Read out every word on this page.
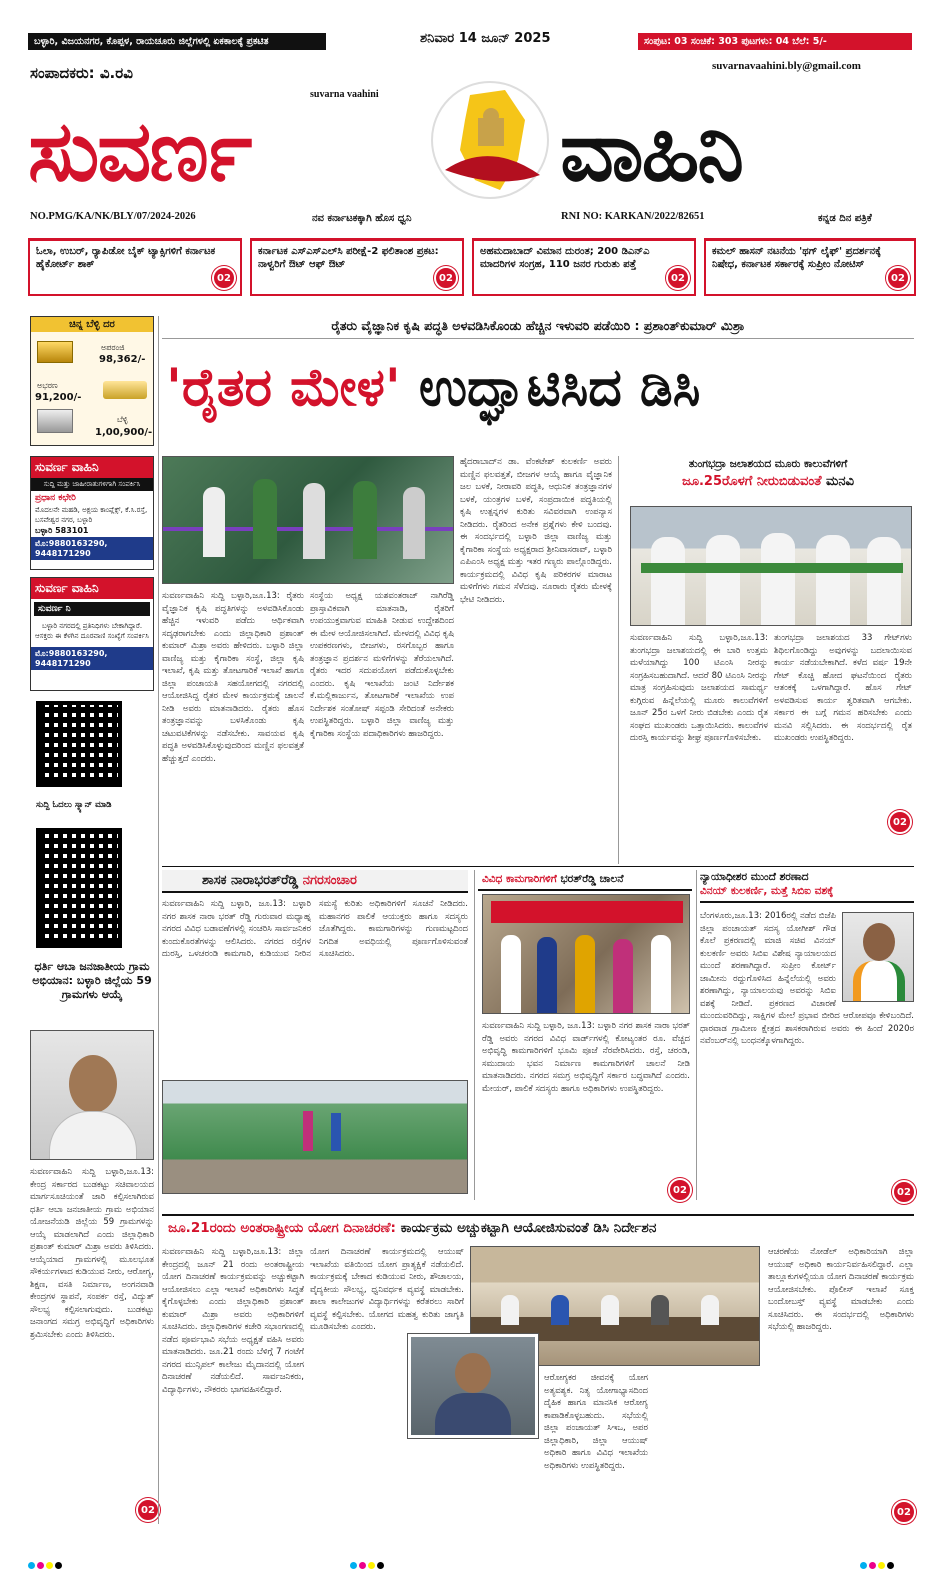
ಬಳ್ಳಾರಿ, ವಿಜಯನಗರ, ಕೊಪ್ಪಳ, ರಾಯಚೂರು ಜಿಲ್ಲೆಗಳಲ್ಲಿ ಏಕಕಾಲಕ್ಕೆ ಪ್ರಕಟಿತ	ಶನಿವಾರ 14 ಜೂನ್ 2025	ಸಂಪುಟ: 03 ಸಂಚಿಕೆ: 303 ಪುಟಗಳು: 04 ಬೆಲೆ: 5/-
ಸಂಪಾದಕರು: ವಿ.ರವಿ	suvarnavaahini.bly@gmail.com
suvarna vaahini
ಸುವರ್ಣ	ವಾಹಿನಿ
NO.PMG/KA/NK/BLY/07/2024-2026	ನವ ಕರ್ನಾಟಕಕ್ಕಾಗಿ ಹೊಸ ಧ್ವನಿ	RNI NO: KARKAN/2022/82651	ಕನ್ನಡ ದಿನ ಪತ್ರಿಕೆ
ಓಲಾ, ಉಬರ್, ರ್‍ಯಾಪಿಡೋ ಬೈಕ್ ಟ್ಯಾಕ್ಸಿಗಳಿಗೆ ಕರ್ನಾಟಕ ಹೈಕೋರ್ಟ್ ಶಾಕ್
02
ಕರ್ನಾಟಕ ಎಸ್‌ಎಸ್‌ಎಲ್‌ಸಿ ಪರೀಕ್ಷೆ-2 ಫಲಿತಾಂಶ ಪ್ರಕಟ: ನಾಳ್ವರಿಗೆ ಔಟ್ ಆಫ್ ಔಟ್
02
ಅಹಮದಾಬಾದ್ ವಿಮಾನ ದುರಂತ; 200 ಡಿಎನ್‌ಎ ಮಾದರಿಗಳ ಸಂಗ್ರಹ, 110 ಜನರ ಗುರುತು ಪತ್ತೆ
02
ಕಮಲ್ ಹಾಸನ್ ನಟನೆಯ 'ಥಗ್ ಲೈಫ್' ಪ್ರದರ್ಶನಕ್ಕೆ ನಿಷೇಧ, ಕರ್ನಾಟಕ ಸರ್ಕಾರಕ್ಕೆ ಸುಪ್ರೀಂ ನೋಟಿಸ್
02
ಚಿನ್ನ ಬೆಳ್ಳಿ ದರ
ಅಪರಂಜಿ
98,362/-
ಅಭರಣ
91,200/-
ಬೆಳ್ಳಿ
1,00,900/-
ಸುವರ್ಣ ವಾಹಿನಿ
ಸುದ್ದಿ ಮತ್ತು ಜಾಹೀರಾತುಗಳಿಗಾಗಿ ಸಂಪರ್ಕಿಸಿ
ಪ್ರಧಾನ ಕಛೇರಿ
ಮೊದಲನೇ ಮಹಡಿ, ಅಕ್ಷಯ ಕಾಂಪ್ಲೆಕ್ಸ್, ಕೆ.ಸಿ.ರಸ್ತೆ, ಬಸವೇಶ್ವರ ನಗರ, ಬಳ್ಳಾರಿ
ಬಳ್ಳಾರಿ 583101
ಮೊ:9880163290, 9448171290
ಸುವರ್ಣ ವಾಹಿನಿ
ಸುವರ್ಣ ನಿ
ಬಳ್ಳಾರಿ ನಗರದಲ್ಲಿ ಪ್ರತಿನಿಧಿಗಳು ಬೇಕಾಗಿದ್ದಾರೆ. ಆಸಕ್ತರು ಈ ಕೆಳಗಿನ ದೂರವಾಣಿ ಸಂಖ್ಯೆಗೆ ಸಂಪರ್ಕಿಸಿ
ಮೊ:9880163290, 9448171290
ಸುದ್ದಿ ಓದಲು ಸ್ಕ್ಯಾನ್ ಮಾಡಿ
ಧರ್ತಿ ಆಬಾ ಜನಜಾತೀಯ ಗ್ರಾಮ ಅಭಿಯಾನ: ಬಳ್ಳಾರಿ ಜಿಲ್ಲೆಯ 59 ಗ್ರಾಮಗಳು ಆಯ್ಕೆ
ಸುವರ್ಣವಾಹಿನಿ ಸುದ್ದಿ ಬಳ್ಳಾರಿ,ಜೂ.13: ಕೇಂದ್ರ ಸರ್ಕಾರದ ಬುಡಕಟ್ಟು ಸಚಿವಾಲಯದ ಮಾರ್ಗಸೂಚಿಯಂತೆ ಜಾರಿ ಕಲ್ಪಿಸಲಾಗಿರುವ ಧರ್ತಿ ಆಬಾ ಜನಜಾತೀಯ ಗ್ರಾಮ ಅಭಿಯಾನ ಯೋಜನೆಯಡಿ ಜಿಲ್ಲೆಯ 59 ಗ್ರಾಮಗಳನ್ನು ಆಯ್ಕೆ ಮಾಡಲಾಗಿದೆ ಎಂದು ಜಿಲ್ಲಾಧಿಕಾರಿ ಪ್ರಶಾಂತ್ ಕುಮಾರ್ ಮಿಶ್ರಾ ಅವರು ತಿಳಿಸಿದರು. ಆಯ್ಕೆಯಾದ ಗ್ರಾಮಗಳಲ್ಲಿ ಮೂಲಭೂತ ಸೌಕರ್ಯಗಳಾದ ಕುಡಿಯುವ ನೀರು, ಆರೋಗ್ಯ, ಶಿಕ್ಷಣ, ವಸತಿ ನಿರ್ಮಾಣ, ಅಂಗನವಾಡಿ ಕೇಂದ್ರಗಳ ಸ್ಥಾಪನೆ, ಸಂಪರ್ಕ ರಸ್ತೆ, ವಿದ್ಯುತ್ ಸೌಲಭ್ಯ ಕಲ್ಪಿಸಲಾಗುವುದು. ಬುಡಕಟ್ಟು ಜನಾಂಗದ ಸಮಗ್ರ ಅಭಿವೃದ್ಧಿಗೆ ಅಧಿಕಾರಿಗಳು ಶ್ರಮಿಸಬೇಕು ಎಂದು ತಿಳಿಸಿದರು.
02
ರೈತರು ವೈಜ್ಞಾನಿಕ ಕೃಷಿ ಪದ್ಧತಿ ಅಳವಡಿಸಿಕೊಂಡು ಹೆಚ್ಚಿನ ಇಳುವರಿ ಪಡೆಯಿರಿ : ಪ್ರಶಾಂತ್‌ಕುಮಾರ್ ಮಿಶ್ರಾ
'ರೈತರ ಮೇಳ' ಉದ್ಘಾಟಿಸಿದ ಡಿಸಿ
ಸುವರ್ಣವಾಹಿನಿ ಸುದ್ದಿ ಬಳ್ಳಾರಿ,ಜೂ.13: ರೈತರು ವೈಜ್ಞಾನಿಕ ಕೃಷಿ ಪದ್ಧತಿಗಳನ್ನು ಅಳವಡಿಸಿಕೊಂಡು ಹೆಚ್ಚಿನ ಇಳುವರಿ ಪಡೆದು ಆರ್ಥಿಕವಾಗಿ ಸದೃಢರಾಗಬೇಕು ಎಂದು ಜಿಲ್ಲಾಧಿಕಾರಿ ಪ್ರಶಾಂತ್ ಕುಮಾರ್ ಮಿಶ್ರಾ ಅವರು ಹೇಳಿದರು. ಬಳ್ಳಾರಿ ಜಿಲ್ಲಾ ವಾಣಿಜ್ಯ ಮತ್ತು ಕೈಗಾರಿಕಾ ಸಂಸ್ಥೆ, ಜಿಲ್ಲಾ ಕೃಷಿ ಇಲಾಖೆ, ಕೃಷಿ ಮತ್ತು ತೋಟಗಾರಿಕೆ ಇಲಾಖೆ ಹಾಗೂ ಜಿಲ್ಲಾ ಪಂಚಾಯತಿ ಸಹಯೋಗದಲ್ಲಿ ನಗರದಲ್ಲಿ ಆಯೋಜಿಸಿದ್ದ ರೈತರ ಮೇಳ ಕಾರ್ಯಕ್ರಮಕ್ಕೆ ಚಾಲನೆ ನೀಡಿ ಅವರು ಮಾತನಾಡಿದರು. ರೈತರು ಹೊಸ ತಂತ್ರಜ್ಞಾನವನ್ನು ಬಳಸಿಕೊಂಡು ಕೃಷಿ ಚಟುವಟಿಕೆಗಳನ್ನು ನಡೆಸಬೇಕು. ಸಾವಯವ ಕೃಷಿ ಪದ್ಧತಿ ಅಳವಡಿಸಿಕೊಳ್ಳುವುದರಿಂದ ಮಣ್ಣಿನ ಫಲವತ್ತತೆ ಹೆಚ್ಚುತ್ತದೆ ಎಂದರು.
ಸಂಸ್ಥೆಯ ಅಧ್ಯಕ್ಷ ಯಶವಂತರಾಜ್ ನಾಗಿರೆಡ್ಡಿ ಪ್ರಾಸ್ತಾವಿಕವಾಗಿ ಮಾತನಾಡಿ, ರೈತರಿಗೆ ಉಪಯುಕ್ತವಾಗುವ ಮಾಹಿತಿ ನೀಡುವ ಉದ್ದೇಶದಿಂದ ಈ ಮೇಳ ಆಯೋಜಿಸಲಾಗಿದೆ. ಮೇಳದಲ್ಲಿ ವಿವಿಧ ಕೃಷಿ ಉಪಕರಣಗಳು, ಬೀಜಗಳು, ರಸಗೊಬ್ಬರ ಹಾಗೂ ತಂತ್ರಜ್ಞಾನ ಪ್ರದರ್ಶನ ಮಳಿಗೆಗಳನ್ನು ತೆರೆಯಲಾಗಿದೆ. ರೈತರು ಇದರ ಸದುಪಯೋಗ ಪಡೆದುಕೊಳ್ಳಬೇಕು ಎಂದರು. ಕೃಷಿ ಇಲಾಖೆಯ ಜಂಟಿ ನಿರ್ದೇಶಕ ಕೆ.ಮಲ್ಲಿಕಾರ್ಜುನ, ತೋಟಗಾರಿಕೆ ಇಲಾಖೆಯ ಉಪ ನಿರ್ದೇಶಕ ಸಂತೋಷ್ ಸಪ್ಪಂಡಿ ಸೇರಿದಂತೆ ಅನೇಕರು ಉಪಸ್ಥಿತರಿದ್ದರು. ಬಳ್ಳಾರಿ ಜಿಲ್ಲಾ ವಾಣಿಜ್ಯ ಮತ್ತು ಕೈಗಾರಿಕಾ ಸಂಸ್ಥೆಯ ಪದಾಧಿಕಾರಿಗಳು ಹಾಜರಿದ್ದರು.
ಹೈದರಾಬಾದ್‌ನ ಡಾ. ವೆಂಕಟೇಶ್ ಕುಲಕರ್ಣಿ ಅವರು ಮಣ್ಣಿನ ಫಲವತ್ತತೆ, ಬೀಜಗಳ ಆಯ್ಕೆ ಹಾಗೂ ವೈಜ್ಞಾನಿಕ ಜಲ ಬಳಕೆ, ನೀರಾವರಿ ಪದ್ಧತಿ, ಆಧುನಿಕ ತಂತ್ರಜ್ಞಾನಗಳ ಬಳಕೆ, ಯಂತ್ರಗಳ ಬಳಕೆ, ಸಂಪ್ರದಾಯಿಕ ಪದ್ಧತಿಯಲ್ಲಿ ಕೃಷಿ ಉತ್ಪನ್ನಗಳ ಕುರಿತು ಸವಿವರವಾಗಿ ಉಪನ್ಯಾಸ ನೀಡಿದರು. ರೈತರಿಂದ ಅನೇಕ ಪ್ರಶ್ನೆಗಳು ಕೇಳಿ ಬಂದವು. ಈ ಸಂದರ್ಭದಲ್ಲಿ ಬಳ್ಳಾರಿ ಜಿಲ್ಲಾ ವಾಣಿಜ್ಯ ಮತ್ತು ಕೈಗಾರಿಕಾ ಸಂಸ್ಥೆಯ ಅಧ್ಯಕ್ಷರಾದ ಶ್ರೀನಿವಾಸರಾವ್, ಬಳ್ಳಾರಿ ಎಪಿಎಂಸಿ ಅಧ್ಯಕ್ಷ ಮತ್ತು ಇತರ ಗಣ್ಯರು ಪಾಲ್ಗೊಂಡಿದ್ದರು. ಕಾರ್ಯಕ್ರಮದಲ್ಲಿ ವಿವಿಧ ಕೃಷಿ ಪರಿಕರಗಳ ಮಾರಾಟ ಮಳಿಗೆಗಳು ಗಮನ ಸೆಳೆದವು. ನೂರಾರು ರೈತರು ಮೇಳಕ್ಕೆ ಭೇಟಿ ನೀಡಿದರು.
ತುಂಗಭದ್ರಾ ಜಲಾಶಯದ ಮೂರು ಕಾಲುವೆಗಳಿಗೆ
ಜೂ.25ರೊಳಗೆ ನೀರುಬಿಡುವಂತೆ ಮನವಿ
ಸುವರ್ಣವಾಹಿನಿ ಸುದ್ದಿ ಬಳ್ಳಾರಿ,ಜೂ.13: ತುಂಗಭದ್ರಾ ಜಲಾಶಯದಲ್ಲಿ ಈ ಬಾರಿ ಉತ್ತಮ ಮಳೆಯಾಗಿದ್ದು 100 ಟಿಎಂಸಿ ನೀರನ್ನು ಸಂಗ್ರಹಿಸಬಹುದಾಗಿದೆ. ಆದರೆ 80 ಟಿಎಂಸಿ ನೀರನ್ನು ಮಾತ್ರ ಸಂಗ್ರಹಿಸುವುದು ಜಲಾಶಯದ ಸಾಮರ್ಥ್ಯ ಕುಗ್ಗಿರುವ ಹಿನ್ನೆಲೆಯಲ್ಲಿ ಮೂರು ಕಾಲುವೆಗಳಿಗೆ ಜೂನ್ 25ರ ಒಳಗೆ ನೀರು ಬಿಡಬೇಕು ಎಂದು ರೈತ ಸಂಘದ ಮುಖಂಡರು ಒತ್ತಾಯಿಸಿದರು. ಕಾಲುವೆಗಳ ದುರಸ್ತಿ ಕಾರ್ಯವನ್ನು ಶೀಘ್ರ ಪೂರ್ಣಗೊಳಿಸಬೇಕು.
ತುಂಗಭದ್ರಾ ಜಲಾಶಯದ 33 ಗೇಟ್‌ಗಳು ಶಿಥಿಲಗೊಂಡಿದ್ದು ಅವುಗಳನ್ನು ಬದಲಾಯಿಸುವ ಕಾರ್ಯ ನಡೆಯಬೇಕಾಗಿದೆ. ಕಳೆದ ವರ್ಷ 19ನೇ ಗೇಟ್ ಕೊಚ್ಚಿ ಹೋದ ಘಟನೆಯಿಂದ ರೈತರು ಆತಂಕಕ್ಕೆ ಒಳಗಾಗಿದ್ದಾರೆ. ಹೊಸ ಗೇಟ್ ಅಳವಡಿಸುವ ಕಾರ್ಯ ತ್ವರಿತವಾಗಿ ಆಗಬೇಕು. ಸರ್ಕಾರ ಈ ಬಗ್ಗೆ ಗಮನ ಹರಿಸಬೇಕು ಎಂದು ಮನವಿ ಸಲ್ಲಿಸಿದರು. ಈ ಸಂದರ್ಭದಲ್ಲಿ ರೈತ ಮುಖಂಡರು ಉಪಸ್ಥಿತರಿದ್ದರು.
02
ಶಾಸಕ ನಾರಾಭರತ್‌ರೆಡ್ಡಿ ನಗರಸಂಚಾರ
ಸುವರ್ಣವಾಹಿನಿ ಸುದ್ದಿ ಬಳ್ಳಾರಿ, ಜೂ.13: ಬಳ್ಳಾರಿ ನಗರ ಶಾಸಕ ನಾರಾ ಭರತ್ ರೆಡ್ಡಿ ಗುರುವಾರ ಮಧ್ಯಾಹ್ನ ನಗರದ ವಿವಿಧ ಬಡಾವಣೆಗಳಲ್ಲಿ ಸಂಚರಿಸಿ ಸಾರ್ವಜನಿಕರ ಕುಂದುಕೊರತೆಗಳನ್ನು ಆಲಿಸಿದರು. ನಗರದ ರಸ್ತೆಗಳ ದುರಸ್ತಿ, ಒಳಚರಂಡಿ ಕಾಮಗಾರಿ, ಕುಡಿಯುವ ನೀರಿನ ಸಮಸ್ಯೆ ಕುರಿತು ಅಧಿಕಾರಿಗಳಿಗೆ ಸೂಚನೆ ನೀಡಿದರು. ಮಹಾನಗರ ಪಾಲಿಕೆ ಆಯುಕ್ತರು ಹಾಗೂ ಸದಸ್ಯರು ಜೊತೆಗಿದ್ದರು. ಕಾಮಗಾರಿಗಳನ್ನು ಗುಣಮಟ್ಟದಿಂದ ನಿಗದಿತ ಅವಧಿಯಲ್ಲಿ ಪೂರ್ಣಗೊಳಿಸುವಂತೆ ಸೂಚಿಸಿದರು.
ವಿವಿಧ ಕಾಮಗಾರಿಗಳಿಗೆ ಭರತ್‌ರೆಡ್ಡಿ ಚಾಲನೆ
ಸುವರ್ಣವಾಹಿನಿ ಸುದ್ದಿ ಬಳ್ಳಾರಿ, ಜೂ.13: ಬಳ್ಳಾರಿ ನಗರ ಶಾಸಕ ನಾರಾ ಭರತ್ ರೆಡ್ಡಿ ಅವರು ನಗರದ ವಿವಿಧ ವಾರ್ಡ್‌ಗಳಲ್ಲಿ ಕೋಟ್ಯಂತರ ರೂ. ವೆಚ್ಚದ ಅಭಿವೃದ್ಧಿ ಕಾಮಗಾರಿಗಳಿಗೆ ಭೂಮಿ ಪೂಜೆ ನೆರವೇರಿಸಿದರು. ರಸ್ತೆ, ಚರಂಡಿ, ಸಮುದಾಯ ಭವನ ನಿರ್ಮಾಣ ಕಾಮಗಾರಿಗಳಿಗೆ ಚಾಲನೆ ನೀಡಿ ಮಾತನಾಡಿದರು. ನಗರದ ಸಮಗ್ರ ಅಭಿವೃದ್ಧಿಗೆ ಸರ್ಕಾರ ಬದ್ಧವಾಗಿದೆ ಎಂದರು. ಮೇಯರ್, ಪಾಲಿಕೆ ಸದಸ್ಯರು ಹಾಗೂ ಅಧಿಕಾರಿಗಳು ಉಪಸ್ಥಿತರಿದ್ದರು.
02
ನ್ಯಾಯಾಧೀಶರ ಮುಂದೆ ಶರಣಾದ
ವಿನಯ್ ಕುಲಕರ್ಣಿ, ಮತ್ತೆ ಸಿಬಿಐ ವಶಕ್ಕೆ
ಬೆಂಗಳೂರು,ಜೂ.13: 2016ರಲ್ಲಿ ನಡೆದ ಬಿಜೆಪಿ ಜಿಲ್ಲಾ ಪಂಚಾಯತ್ ಸದಸ್ಯ ಯೋಗೀಶ್ ಗೌಡ ಕೊಲೆ ಪ್ರಕರಣದಲ್ಲಿ ಮಾಜಿ ಸಚಿವ ವಿನಯ್ ಕುಲಕರ್ಣಿ ಅವರು ಸಿಬಿಐ ವಿಶೇಷ ನ್ಯಾಯಾಲಯದ ಮುಂದೆ ಶರಣಾಗಿದ್ದಾರೆ. ಸುಪ್ರೀಂ ಕೋರ್ಟ್ ಜಾಮೀನು ರದ್ದುಗೊಳಿಸಿದ ಹಿನ್ನೆಲೆಯಲ್ಲಿ ಅವರು ಶರಣಾಗಿದ್ದು, ನ್ಯಾಯಾಲಯವು ಅವರನ್ನು ಸಿಬಿಐ ವಶಕ್ಕೆ ನೀಡಿದೆ. ಪ್ರಕರಣದ ವಿಚಾರಣೆ ಮುಂದುವರಿದಿದ್ದು, ಸಾಕ್ಷಿಗಳ ಮೇಲೆ ಪ್ರಭಾವ ಬೀರಿದ ಆರೋಪವೂ ಕೇಳಿಬಂದಿದೆ. ಧಾರವಾಡ ಗ್ರಾಮೀಣ ಕ್ಷೇತ್ರದ ಶಾಸಕರಾಗಿರುವ ಅವರು ಈ ಹಿಂದೆ 2020ರ ನವೆಂಬರ್‌ನಲ್ಲಿ ಬಂಧನಕ್ಕೊಳಗಾಗಿದ್ದರು.
02
ಜೂ.21ರಂದು ಅಂತರಾಷ್ಟ್ರೀಯ ಯೋಗ ದಿನಾಚರಣೆ: ಕಾರ್ಯಕ್ರಮ ಅಚ್ಚುಕಟ್ಟಾಗಿ ಆಯೋಜಿಸುವಂತೆ ಡಿಸಿ ನಿರ್ದೇಶನ
ಸುವರ್ಣವಾಹಿನಿ ಸುದ್ದಿ ಬಳ್ಳಾರಿ,ಜೂ.13: ಜಿಲ್ಲಾ ಕೇಂದ್ರದಲ್ಲಿ ಜೂನ್ 21 ರಂದು ಅಂತರಾಷ್ಟ್ರೀಯ ಯೋಗ ದಿನಾಚರಣೆ ಕಾರ್ಯಕ್ರಮವನ್ನು ಅಚ್ಚುಕಟ್ಟಾಗಿ ಆಯೋಜಿಸಲು ಎಲ್ಲಾ ಇಲಾಖೆ ಅಧಿಕಾರಿಗಳು ಸಿದ್ಧತೆ ಕೈಗೊಳ್ಳಬೇಕು ಎಂದು ಜಿಲ್ಲಾಧಿಕಾರಿ ಪ್ರಶಾಂತ್ ಕುಮಾರ್ ಮಿಶ್ರಾ ಅವರು ಅಧಿಕಾರಿಗಳಿಗೆ ಸೂಚಿಸಿದರು. ಜಿಲ್ಲಾಧಿಕಾರಿಗಳ ಕಚೇರಿ ಸಭಾಂಗಣದಲ್ಲಿ ನಡೆದ ಪೂರ್ವಭಾವಿ ಸಭೆಯ ಅಧ್ಯಕ್ಷತೆ ವಹಿಸಿ ಅವರು ಮಾತನಾಡಿದರು. ಜೂ.21 ರಂದು ಬೆಳಿಗ್ಗೆ 7 ಗಂಟೆಗೆ ನಗರದ ಮುನ್ಸಿಪಲ್ ಕಾಲೇಜು ಮೈದಾನದಲ್ಲಿ ಯೋಗ ದಿನಾಚರಣೆ ನಡೆಯಲಿದೆ. ಸಾರ್ವಜನಿಕರು, ವಿದ್ಯಾರ್ಥಿಗಳು, ನೌಕರರು ಭಾಗವಹಿಸಲಿದ್ದಾರೆ.
ಯೋಗ ದಿನಾಚರಣೆ ಕಾರ್ಯಕ್ರಮದಲ್ಲಿ ಆಯುಷ್ ಇಲಾಖೆಯ ವತಿಯಿಂದ ಯೋಗ ಪ್ರಾತ್ಯಕ್ಷಿಕೆ ನಡೆಯಲಿದೆ. ಕಾರ್ಯಕ್ರಮಕ್ಕೆ ಬೇಕಾದ ಕುಡಿಯುವ ನೀರು, ಶೌಚಾಲಯ, ವೈದ್ಯಕೀಯ ಸೌಲಭ್ಯ, ಧ್ವನಿವರ್ಧಕ ವ್ಯವಸ್ಥೆ ಮಾಡಬೇಕು. ಶಾಲಾ ಕಾಲೇಜುಗಳ ವಿದ್ಯಾರ್ಥಿಗಳನ್ನು ಕರೆತರಲು ಸಾರಿಗೆ ವ್ಯವಸ್ಥೆ ಕಲ್ಪಿಸಬೇಕು. ಯೋಗದ ಮಹತ್ವ ಕುರಿತು ಜಾಗೃತಿ ಮೂಡಿಸಬೇಕು ಎಂದರು.
ಆರೋಗ್ಯಕರ ಜೀವನಕ್ಕೆ ಯೋಗ ಅತ್ಯವಶ್ಯಕ. ನಿತ್ಯ ಯೋಗಾಭ್ಯಾಸದಿಂದ ದೈಹಿಕ ಹಾಗೂ ಮಾನಸಿಕ ಆರೋಗ್ಯ ಕಾಪಾಡಿಕೊಳ್ಳಬಹುದು. ಸಭೆಯಲ್ಲಿ ಜಿಲ್ಲಾ ಪಂಚಾಯತ್ ಸಿಇಒ, ಅಪರ ಜಿಲ್ಲಾಧಿಕಾರಿ, ಜಿಲ್ಲಾ ಆಯುಷ್ ಅಧಿಕಾರಿ ಹಾಗೂ ವಿವಿಧ ಇಲಾಖೆಯ ಅಧಿಕಾರಿಗಳು ಉಪಸ್ಥಿತರಿದ್ದರು.
ಆಚರಣೆಯ ನೋಡೆಲ್ ಅಧಿಕಾರಿಯಾಗಿ ಜಿಲ್ಲಾ ಆಯುಷ್ ಅಧಿಕಾರಿ ಕಾರ್ಯನಿರ್ವಹಿಸಲಿದ್ದಾರೆ. ಎಲ್ಲಾ ತಾಲ್ಲೂಕುಗಳಲ್ಲಿಯೂ ಯೋಗ ದಿನಾಚರಣೆ ಕಾರ್ಯಕ್ರಮ ಆಯೋಜಿಸಬೇಕು. ಪೊಲೀಸ್ ಇಲಾಖೆ ಸೂಕ್ತ ಬಂದೋಬಸ್ತ್ ವ್ಯವಸ್ಥೆ ಮಾಡಬೇಕು ಎಂದು ಸೂಚಿಸಿದರು. ಈ ಸಂದರ್ಭದಲ್ಲಿ ಅಧಿಕಾರಿಗಳು ಸಭೆಯಲ್ಲಿ ಹಾಜರಿದ್ದರು.
02
